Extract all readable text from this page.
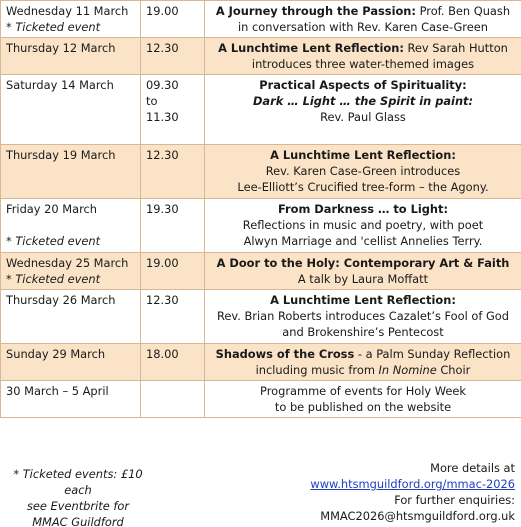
Wednesday 11 March
* Ticketed event	19.00	A Journey through the Passion: Prof. Ben Quash
in conversation with Rev. Karen Case-Green

Thursday 12 March	12.30	A Lunchtime Lent Reflection: Rev Sarah Hutton
introduces three water-themed images

Saturday 14 March	09.30
to
11.30	Practical Aspects of Spirituality:
Dark … Light … the Spirit in paint:
Rev. Paul Glass

Thursday 19 March	12.30	A Lunchtime Lent Reflection:
Rev. Karen Case-Green introduces
Lee-Elliott’s Crucified tree-form – the Agony.

Friday 20 March

* Ticketed event	19.30	From Darkness … to Light:
Reflections in music and poetry, with poet
Alwyn Marriage and 'cellist Annelies Terry.

Wednesday 25 March
* Ticketed event	19.00	A Door to the Holy: Contemporary Art & Faith
A talk by Laura Moffatt

Thursday 26 March	12.30	A Lunchtime Lent Reflection:
Rev. Brian Roberts introduces Cazalet’s Fool of God
and Brokenshire’s Pentecost

Sunday 29 March	18.00	Shadows of the Cross - a Palm Sunday Reflection
including music from In Nomine Choir

30 March – 5 April		Programme of events for Holy Week
to be published on the website
* Ticketed events: £10 each
see Eventbrite for
MMAC Guildford
More details at
www.htsmguildford.org/mmac-2026
For further enquiries:
MMAC2026@htsmguildford.org.uk
